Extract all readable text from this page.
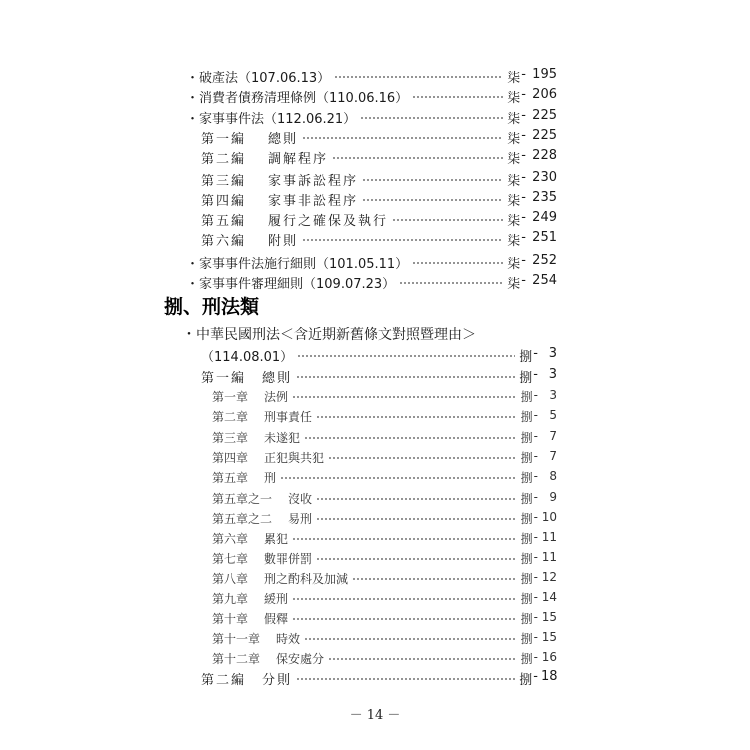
・破產法（107.06.13）	柒 - 195
・消費者債務清理條例（110.06.16）	柒 - 206
・家事事件法（112.06.21）	柒 - 225
第一編 總則	柒 - 225
第二編 調解程序	柒 - 228
第三編 家事訴訟程序	柒 - 230
第四編 家事非訟程序	柒 - 235
第五編 履行之確保及執行	柒 - 249
第六編 附則	柒 - 251
・家事事件法施行細則（101.05.11）	柒 - 252
・家事事件審理細則（109.07.23）	柒 - 254
捌、刑法類
・中華民國刑法＜含近期新舊條文對照暨理由＞
（114.08.01）	捌 - 3
第一編 總則	捌 - 3
第一章 法例	捌 - 3
第二章 刑事責任	捌 - 5
第三章 未遂犯	捌 - 7
第四章 正犯與共犯	捌 - 7
第五章 刑	捌 - 8
第五章之一 沒收	捌 - 9
第五章之二 易刑	捌 - 10
第六章 累犯	捌 - 11
第七章 數罪併罰	捌 - 11
第八章 刑之酌科及加減	捌 - 12
第九章 緩刑	捌 - 14
第十章 假釋	捌 - 15
第十一章 時效	捌 - 15
第十二章 保安處分	捌 - 16
第二編 分則	捌 - 18
－ 14 －
